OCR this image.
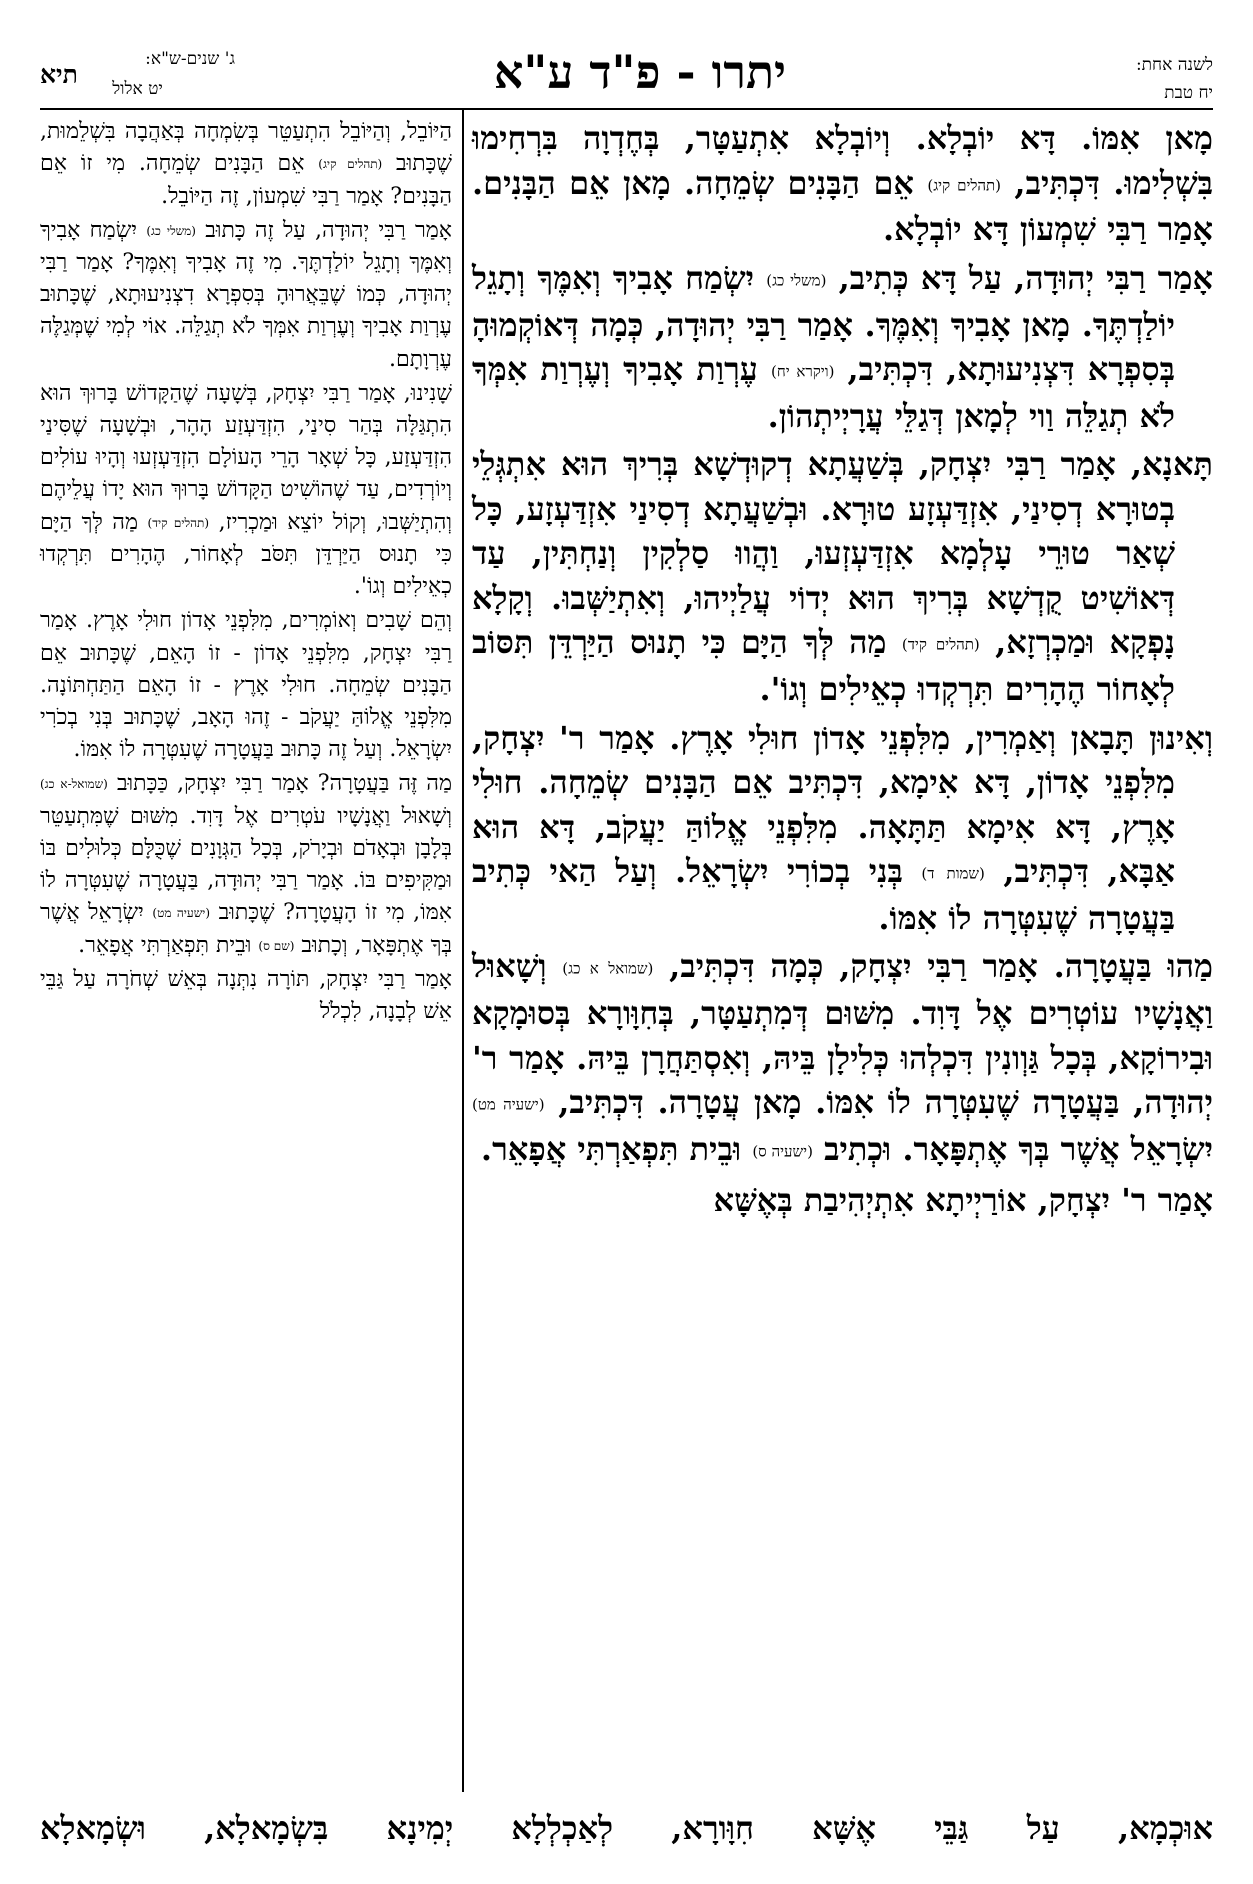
תיא
ג' שנים-ש"א:
יט אלול	יתרו - פ"ד ע"א	לשנה אחת:
יח טבת

מָאן אִמּוֹ. דָּא יוֹבְלָא. וְיוֹבְלָא אִתְעַטָּר, בְּחֶדְוָה בִּרְחִימוּ בִּשְׁלִימוּ. דִּכְתִּיב, (תהלים קיג) אֵם הַבָּנִים שְׂמֵחָה. מָאן אֵם הַבָּנִים. אָמַר רַבִּי שִׁמְעוֹן דָּא יוֹבְלָא.

אָמַר רַבִּי יְהוּדָה, עַל דָּא כְּתִיב, (משלי כג) יִשְׂמַח אָבִיךָ וְאִמֶּךָ וְתָגֵל יוֹלַדְתֶּךָ. מָאן אָבִיךָ וְאִמֶּךָ. אָמַר רַבִּי יְהוּדָה, כְּמָה דְּאוֹקְמוּהָ בְּסִפְרָא דִּצְנִיעוּתָא, דִּכְתִּיב, (ויקרא יח) עֶרְוַת אָבִיךָ וְעֶרְוַת אִמְּךָ לֹא תְגַלֵּה וַוי לְמָאן דְּגַלֵּי עֲרָיְיתְהוֹן.

תָּאנָא, אָמַר רַבִּי יִצְחָק, בְּשַׁעֲתָא דְקוּדְשָׁא בְּרִיךְ הוּא אִתְגְּלֵי בְטוּרָא דְסִינַי, אִזְדַּעְזָע טוּרָא. וּבְשַׁעֲתָא דְסִינַי אִזְדַּעְזָע, כָּל שְׁאַר טוּרֵי עָלְמָא אִזְדַּעְזְעוּ, וַהֲווּ סַלְקִין וְנַחְתִּין, עַד דְּאוֹשִׁיט קֻדְשָׁא בְּרִיךְ הוּא יְדוֹי עֲלַיְיהוּ, וְאִתְיַשְּׁבוּ. וְקָלָא נָפְקָא וּמַכְרְזָא, (תהלים קיד) מַה לְּךָ הַיָּם כִּי תָנוּס הַיַּרְדֵּן תִּסּוֹב לְאָחוֹר הֶהָרִים תִּרְקְדוּ כְאֵילִים וְגוֹ'.

וְאִינוּן תָּבָאן וְאַמְרִין, מִלִּפְנֵי אָדוֹן חוּלִי אָרֶץ. אָמַר ר' יִצְחָק, מִלִּפְנֵי אָדוֹן, דָּא אִימָא, דִּכְתִּיב אֵם הַבָּנִים שְׂמֵחָה. חוּלִי אָרֶץ, דָּא אִימָא תַּתָּאָה. מִלִּפְנֵי אֱלוֹהַּ יַעֲקֹב, דָּא הוּא אַבָּא, דִּכְתִּיב, (שמות ד) בְּנִי בְכוֹרִי יִשְׂרָאֵל. וְעַל הַאי כְּתִיב בַּעֲטָרָה שֶׁעִטְּרָה לוֹ אִמּוֹ.

מַהוּ בַּעֲטָרָה. אָמַר רַבִּי יִצְחָק, כְּמָה דִּכְתִּיב, (שמואל א כג) וְשָׁאוּל וַאֲנָשָׁיו עוֹטְרִים אֶל דָּוִד. מִשּׁוּם דְּמִתְעַטָּר, בְּחִוָּורָא בְּסוּמָקָא וּבִירוֹקָא, בְּכָל גַּוְונִין דִּכְלְהוּ כְּלִילָן בֵּיהּ, וְאִסְתַּחֲרָן בֵּיהּ. אָמַר ר' יְהוּדָה, בַּעֲטָרָה שֶׁעִטְּרָה לוֹ אִמּוֹ. מָאן עֲטָרָה. דִּכְתִּיב, (ישעיה מט) יִשְׂרָאֵל אֲשֶׁר בְּךָ אֶתְפָּאָר. וּכְתִיב (ישעיה ס) וּבֵית תִּפְאַרְתִּי אֲפָאֵר.

אָמַר ר' יִצְחָק, אוֹרַיְיתָא אִתְיְהִיבַת בְּאֶשָּׁא

הַיּוֹבֵל, וְהַיּוֹבֵל הִתְעַטֵּר בְּשִׂמְחָה בְּאַהֲבָה בִּשְׁלֵמוּת, שֶׁכָּתוּב (תהלים קיג) אֵם הַבָּנִים שְׂמֵחָה. מִי זוֹ אֵם הַבָּנִים? אָמַר רַבִּי שִׁמְעוֹן, זֶה הַיּוֹבֵל.

אָמַר רַבִּי יְהוּדָה, עַל זֶה כָּתוּב (משלי כג) יִשְׂמַח אָבִיךָ וְאִמֶּךָ וְתָגֵל יוֹלַדְתֶּךָ. מִי זֶה אָבִיךָ וְאִמֶּךָ? אָמַר רַבִּי יְהוּדָה, כְּמוֹ שֶׁבֵּאֲרוּהָ בְּסִפְרָא דִצְנִיעוּתָא, שֶׁכָּתוּב עֶרְוַת אָבִיךָ וְעֶרְוַת אִמְּךָ לֹא תְגַלֵּה. אוֹי לְמִי שֶׁמְּגַלֶּה עֶרְוָתָם.

שָׁנִינוּ, אָמַר רַבִּי יִצְחָק, בְּשָׁעָה שֶׁהַקָּדוֹשׁ בָּרוּךְ הוּא הִתְגַּלָּה בְּהַר סִינַי, הִזְדַּעְזַע הָהָר, וּבְשָׁעָה שֶׁסִּינַי הִזְדַּעְזַע, כָּל שְׁאָר הָרֵי הָעוֹלָם הִזְדַּעְזְעוּ וְהָיוּ עוֹלִים וְיוֹרְדִים, עַד שֶׁהוֹשִׁיט הַקָּדוֹשׁ בָּרוּךְ הוּא יָדוֹ עֲלֵיהֶם וְהִתְיַשְּׁבוּ, וְקוֹל יוֹצֵא וּמַכְרִיז, (תהלים קיד) מַה לְּךָ הַיָּם כִּי תָנוּס הַיַּרְדֵּן תִּסֹּב לְאָחוֹר, הֶהָרִים תִּרְקְדוּ כְאֵילִים וְגוֹ'.

וְהֵם שָׁבִים וְאוֹמְרִים, מִלִּפְנֵי אָדוֹן חוּלִי אָרֶץ. אָמַר רַבִּי יִצְחָק, מִלִּפְנֵי אָדוֹן - זוֹ הָאֵם, שֶׁכָּתוּב אֵם הַבָּנִים שְׂמֵחָה. חוּלִי אָרֶץ - זוֹ הָאֵם הַתַּחְתּוֹנָה. מִלִּפְנֵי אֱלוֹהַּ יַעֲקֹב - זֶהוּ הָאָב, שֶׁכָּתוּב בְּנִי בְכֹרִי יִשְׂרָאֵל. וְעַל זֶה כָּתוּב בַּעֲטָרָה שֶׁעִטְּרָה לוֹ אִמּוֹ.

מַה זֶּה בַּעֲטָרָה? אָמַר רַבִּי יִצְחָק, כַּכָּתוּב (שמואל-א כג) וְשָׁאוּל וַאֲנָשָׁיו עֹטְרִים אֶל דָּוִד. מִשּׁוּם שֶׁמִּתְעַטֵּר בְּלָבָן וּבְאָדֹם וּבְיָרֹק, בְּכָל הַגְּוָנִים שֶׁכֻּלָּם כְּלוּלִים בּוֹ וּמַקִּיפִים בּוֹ. אָמַר רַבִּי יְהוּדָה, בַּעֲטָרָה שֶׁעִטְּרָה לוֹ אִמּוֹ, מִי זוֹ הָעֲטָרָה? שֶׁכָּתוּב (ישעיה מט) יִשְׂרָאֵל אֲשֶׁר בְּךָ אֶתְפָּאָר, וְכָתוּב (שם ס) וּבֵית תִּפְאַרְתִּי אֲפָאֵר.

אָמַר רַבִּי יִצְחָק, תּוֹרָה נִתְּנָה בְּאֵשׁ שְׁחֹרָה עַל גַּבֵּי אֵשׁ לְבָנָה, לִכְלֹל

אוּכְמָא, עַל גַּבֵּי אֶשָּׁא חִוָּורָא, לְאַכְלְלָא יְמִינָא בִּשְׂמָאלָא, וּשְׂמָאלָא
